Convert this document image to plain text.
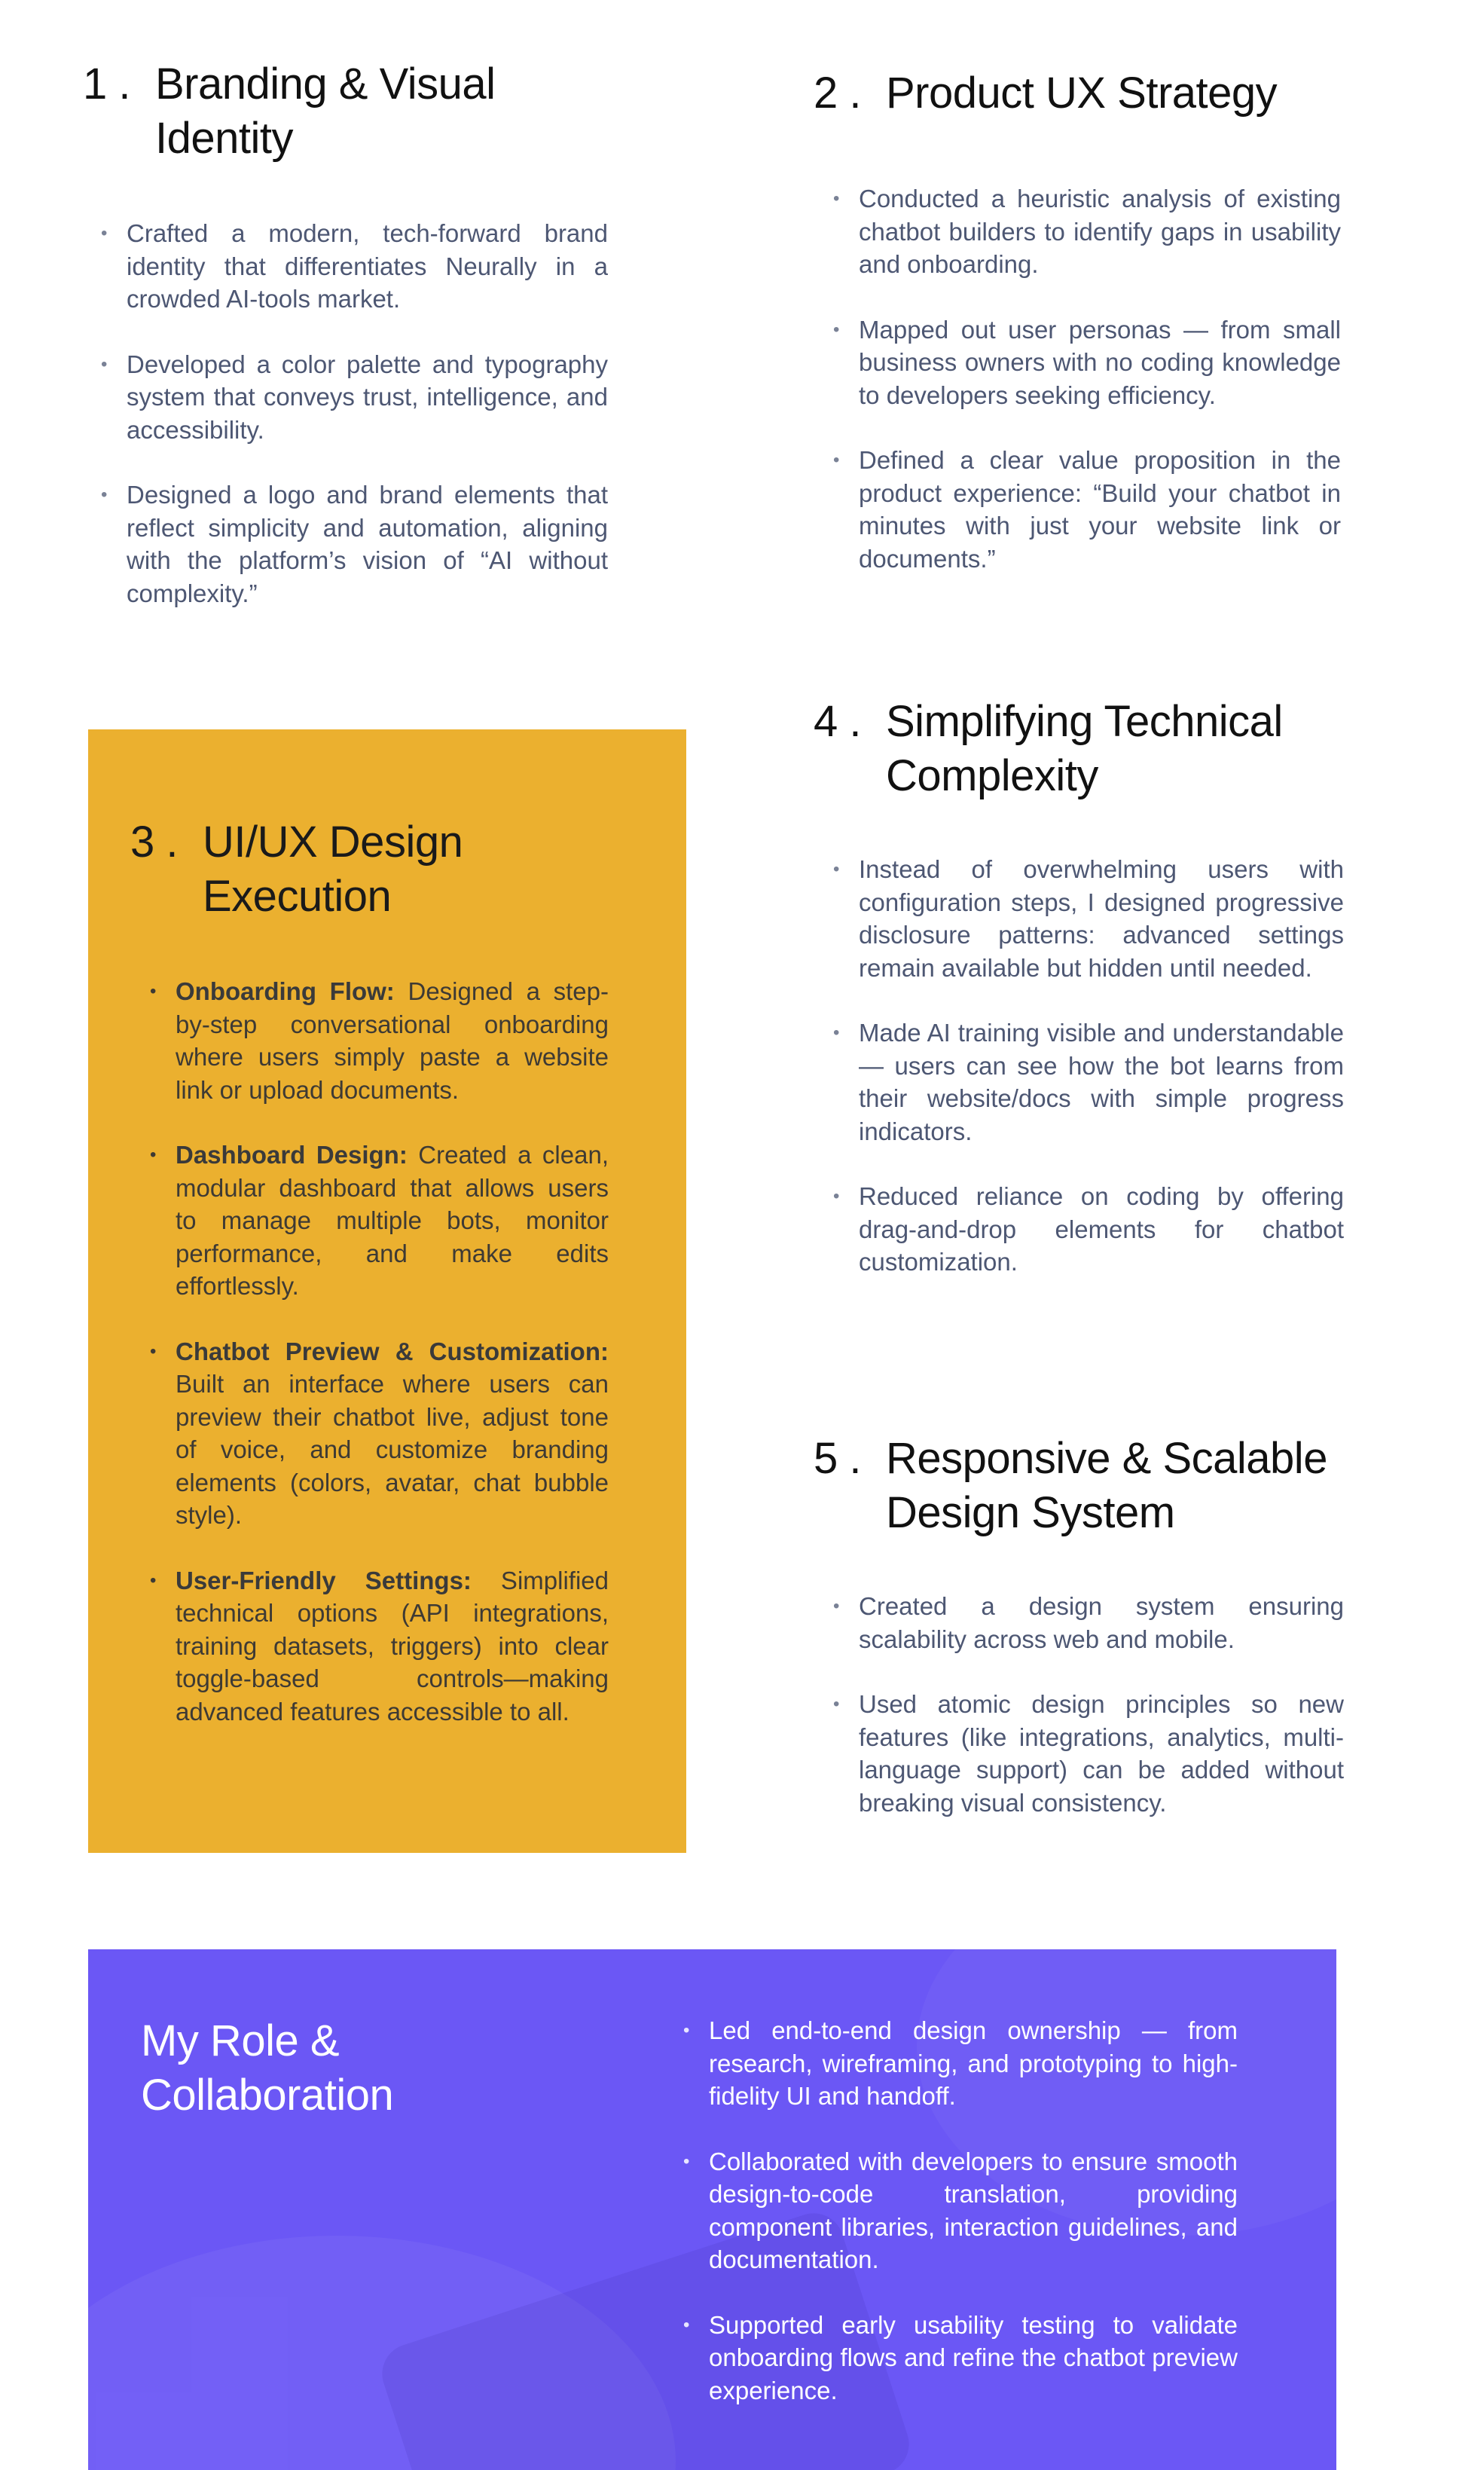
1 . Branding & Visual Identity
• Crafted a modern, tech-forward brand identity that differentiates Neurally in a crowded AI-tools market.
• Developed a color palette and typography system that conveys trust, intelligence, and accessibility.
• Designed a logo and brand elements that reflect simplicity and automation, aligning with the platform’s vision of “AI without complexity.”
2 . Product UX Strategy
• Conducted a heuristic analysis of existing chatbot builders to identify gaps in usability and onboarding.
• Mapped out user personas — from small business owners with no coding knowledge to developers seeking efficiency.
• Defined a clear value proposition in the product experience: “Build your chatbot in minutes with just your website link or documents.”
3 . UI/UX Design Execution
• Onboarding Flow: Designed a step-by-step conversational onboarding where users simply paste a website link or upload documents.
• Dashboard Design: Created a clean, modular dashboard that allows users to manage multiple bots, monitor performance, and make edits effortlessly.
• Chatbot Preview & Customization: Built an interface where users can preview their chatbot live, adjust tone of voice, and customize branding elements (colors, avatar, chat bubble style).
• User-Friendly Settings: Simplified technical options (API integrations, training datasets, triggers) into clear toggle-based controls—making advanced features accessible to all.
4 . Simplifying Technical Complexity
• Instead of overwhelming users with configuration steps, I designed progressive disclosure patterns: advanced settings remain available but hidden until needed.
• Made AI training visible and understandable — users can see how the bot learns from their website/docs with simple progress indicators.
• Reduced reliance on coding by offering drag-and-drop elements for chatbot customization.
5 . Responsive & Scalable Design System
• Created a design system ensuring scalability across web and mobile.
• Used atomic design principles so new features (like integrations, analytics, multi-language support) can be added without breaking visual consistency.
My Role & Collaboration
• Led end-to-end design ownership — from research, wireframing, and prototyping to high-fidelity UI and handoff.
• Collaborated with developers to ensure smooth design-to-code translation, providing component libraries, interaction guidelines, and documentation.
• Supported early usability testing to validate onboarding flows and refine the chatbot preview experience.
